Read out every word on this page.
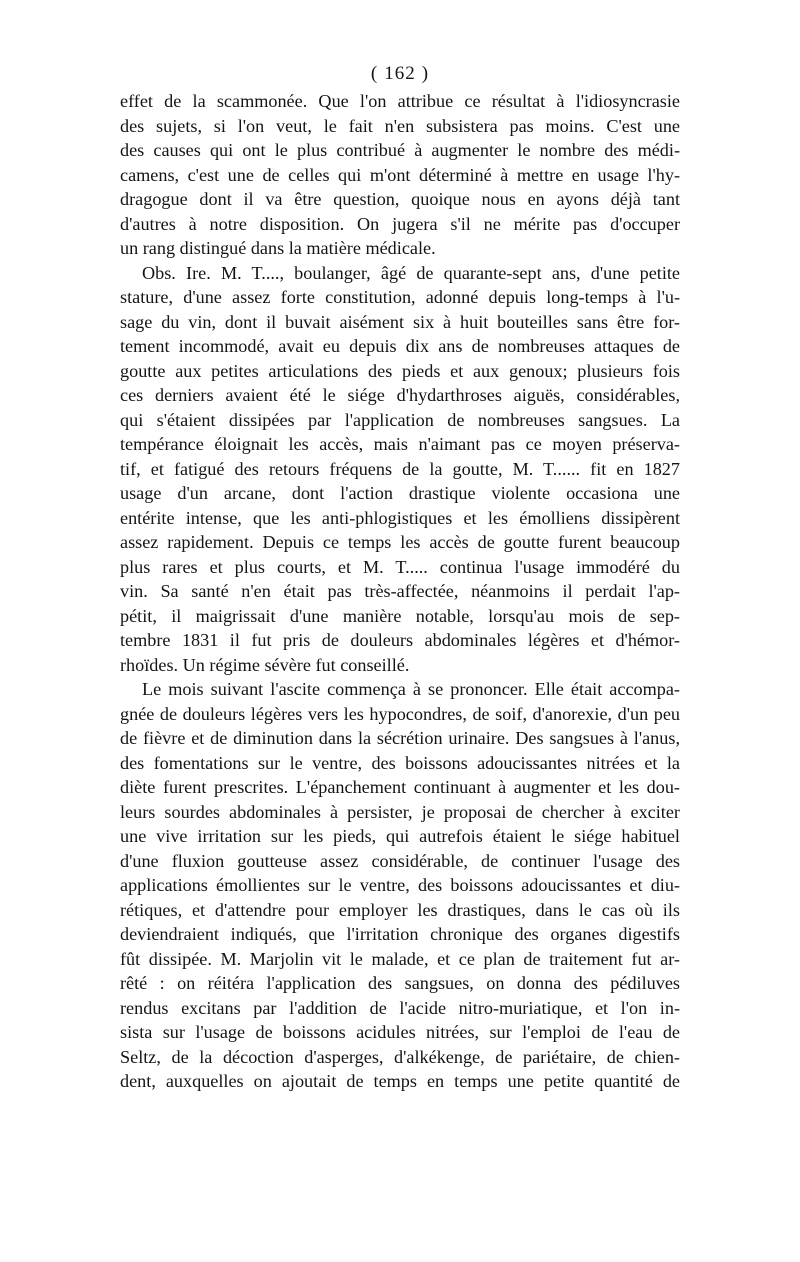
( 162 )
effet de la scammonée. Que l'on attribue ce résultat à l'idiosyncrasie
des sujets, si l'on veut, le fait n'en subsistera pas moins. C'est une
des causes qui ont le plus contribué à augmenter le nombre des médi-
camens, c'est une de celles qui m'ont déterminé à mettre en usage l'hy-
dragogue dont il va être question, quoique nous en ayons déjà tant
d'autres à notre disposition. On jugera s'il ne mérite pas d'occuper
un rang distingué dans la matière médicale.
Obs. Ire. M. T...., boulanger, âgé de quarante-sept ans, d'une petite
stature, d'une assez forte constitution, adonné depuis long-temps à l'u-
sage du vin, dont il buvait aisément six à huit bouteilles sans être for-
tement incommodé, avait eu depuis dix ans de nombreuses attaques de
goutte aux petites articulations des pieds et aux genoux; plusieurs fois
ces derniers avaient été le siége d'hydarthroses aiguës, considérables,
qui s'étaient dissipées par l'application de nombreuses sangsues. La
tempérance éloignait les accès, mais n'aimant pas ce moyen préserva-
tif, et fatigué des retours fréquens de la goutte, M. T...... fit en 1827
usage d'un arcane, dont l'action drastique violente occasiona une
entérite intense, que les anti-phlogistiques et les émolliens dissipèrent
assez rapidement. Depuis ce temps les accès de goutte furent beaucoup
plus rares et plus courts, et M. T..... continua l'usage immodéré du
vin. Sa santé n'en était pas très-affectée, néanmoins il perdait l'ap-
pétit, il maigrissait d'une manière notable, lorsqu'au mois de sep-
tembre 1831 il fut pris de douleurs abdominales légères et d'hémor-
rhoïdes. Un régime sévère fut conseillé.
Le mois suivant l'ascite commença à se prononcer. Elle était accompa-
gnée de douleurs légères vers les hypocondres, de soif, d'anorexie, d'un peu
de fièvre et de diminution dans la sécrétion urinaire. Des sangsues à l'anus,
des fomentations sur le ventre, des boissons adoucissantes nitrées et la
diète furent prescrites. L'épanchement continuant à augmenter et les dou-
leurs sourdes abdominales à persister, je proposai de chercher à exciter
une vive irritation sur les pieds, qui autrefois étaient le siége habituel
d'une fluxion goutteuse assez considérable, de continuer l'usage des
applications émollientes sur le ventre, des boissons adoucissantes et diu-
rétiques, et d'attendre pour employer les drastiques, dans le cas où ils
deviendraient indiqués, que l'irritation chronique des organes digestifs
fût dissipée. M. Marjolin vit le malade, et ce plan de traitement fut ar-
rêté : on réitéra l'application des sangsues, on donna des pédiluves
rendus excitans par l'addition de l'acide nitro-muriatique, et l'on in-
sista sur l'usage de boissons acidules nitrées, sur l'emploi de l'eau de
Seltz, de la décoction d'asperges, d'alkékenge, de pariétaire, de chien-
dent, auxquelles on ajoutait de temps en temps une petite quantité de
